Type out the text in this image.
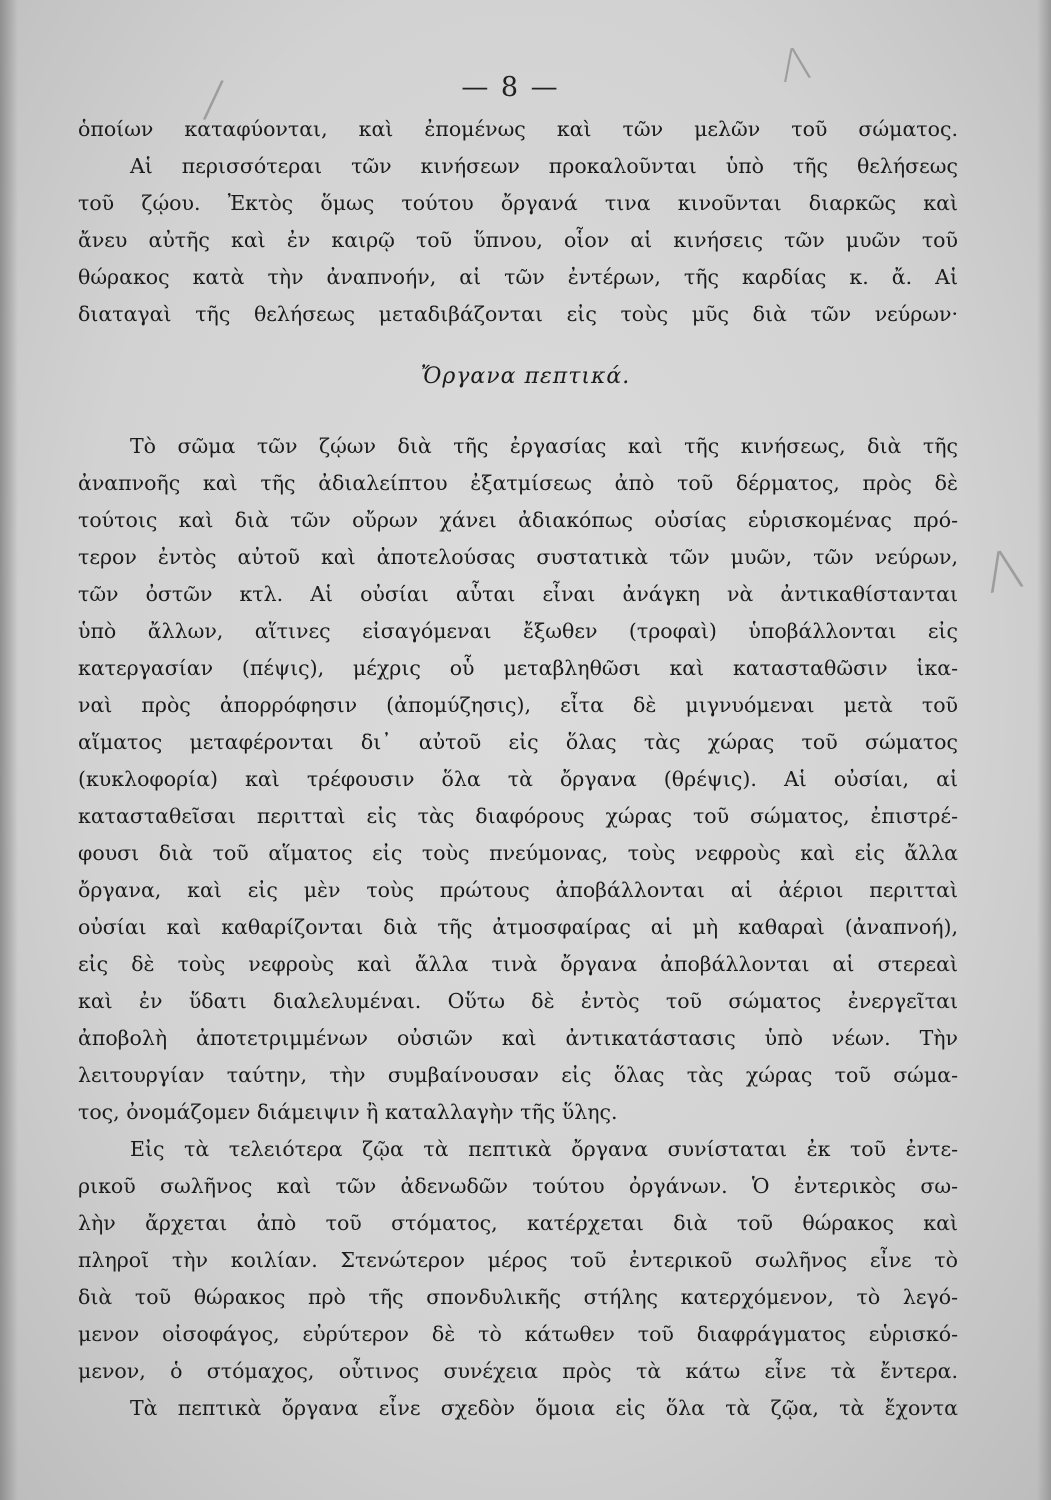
Λ
/
Λ
— 8 —
ὁποίων καταφύονται, καὶ ἐπομένως καὶ τῶν μελῶν τοῦ σώματος.
Αἱ περισσότεραι τῶν κινήσεων προκαλοῦνται ὑπὸ τῆς θελήσεως
τοῦ ζῴου. Ἐκτὸς ὅμως τούτου ὄργανά τινα κινοῦνται διαρκῶς καὶ
ἄνευ αὐτῆς καὶ ἐν καιρῷ τοῦ ὕπνου, οἷον αἱ κινήσεις τῶν μυῶν τοῦ
θώρακος κατὰ τὴν ἀναπνοήν, αἱ τῶν ἐντέρων, τῆς καρδίας κ. ἄ. Αἱ
διαταγαὶ τῆς θελήσεως μεταδιβάζονται εἰς τοὺς μῦς διὰ τῶν νεύρων·
Ὄργανα πεπτικά.
Τὸ σῶμα τῶν ζῴων διὰ τῆς ἐργασίας καὶ τῆς κινήσεως, διὰ τῆς
ἀναπνοῆς καὶ τῆς ἀδιαλείπτου ἐξατμίσεως ἀπὸ τοῦ δέρματος, πρὸς δὲ
τούτοις καὶ διὰ τῶν οὔρων χάνει ἀδιακόπως οὐσίας εὑρισκομένας πρό-
τερον ἐντὸς αὐτοῦ καὶ ἀποτελούσας συστατικὰ τῶν μυῶν, τῶν νεύρων,
τῶν ὀστῶν κτλ. Αἱ οὐσίαι αὗται εἶναι ἀνάγκη νὰ ἀντικαθίστανται
ὑπὸ ἄλλων, αἵτινες εἰσαγόμεναι ἔξωθεν (τροφαὶ) ὑποβάλλονται εἰς
κατεργασίαν (πέψις), μέχρις οὗ μεταβληθῶσι καὶ κατασταθῶσιν ἱκα-
ναὶ πρὸς ἀπορρόφησιν (ἀπομύζησις), εἶτα δὲ μιγνυόμεναι μετὰ τοῦ
αἵματος μεταφέρονται δι᾽ αὐτοῦ εἰς ὅλας τὰς χώρας τοῦ σώματος
(κυκλοφορία) καὶ τρέφουσιν ὅλα τὰ ὄργανα (θρέψις). Αἱ οὐσίαι, αἱ
κατασταθεῖσαι περιτταὶ εἰς τὰς διαφόρους χώρας τοῦ σώματος, ἐπιστρέ-
φουσι διὰ τοῦ αἵματος εἰς τοὺς πνεύμονας, τοὺς νεφροὺς καὶ εἰς ἄλλα
ὄργανα, καὶ εἰς μὲν τοὺς πρώτους ἀποβάλλονται αἱ ἀέριοι περιτταὶ
οὐσίαι καὶ καθαρίζονται διὰ τῆς ἀτμοσφαίρας αἱ μὴ καθαραὶ (ἀναπνοή),
εἰς δὲ τοὺς νεφροὺς καὶ ἄλλα τινὰ ὄργανα ἀποβάλλονται αἱ στερεαὶ
καὶ ἐν ὕδατι διαλελυμέναι. Οὕτω δὲ ἐντὸς τοῦ σώματος ἐνεργεῖται
ἀποβολὴ ἀποτετριμμένων οὐσιῶν καὶ ἀντικατάστασις ὑπὸ νέων. Τὴν
λειτουργίαν ταύτην, τὴν συμβαίνουσαν εἰς ὅλας τὰς χώρας τοῦ σώμα-
τος, ὀνομάζομεν διάμειψιν ἢ καταλλαγὴν τῆς ὕλης.
Εἰς τὰ τελειότερα ζῷα τὰ πεπτικὰ ὄργανα συνίσταται ἐκ τοῦ ἐντε-
ρικοῦ σωλῆνος καὶ τῶν ἀδενωδῶν τούτου ὀργάνων. Ὁ ἐντερικὸς σω-
λὴν ἄρχεται ἀπὸ τοῦ στόματος, κατέρχεται διὰ τοῦ θώρακος καὶ
πληροῖ τὴν κοιλίαν. Στενώτερον μέρος τοῦ ἐντερικοῦ σωλῆνος εἶνε τὸ
διὰ τοῦ θώρακος πρὸ τῆς σπονδυλικῆς στήλης κατερχόμενον, τὸ λεγό-
μενον οἰσοφάγος, εὐρύτερον δὲ τὸ κάτωθεν τοῦ διαφράγματος εὑρισκό-
μενον, ὁ στόμαχος, οὗτινος συνέχεια πρὸς τὰ κάτω εἶνε τὰ ἔντερα.
Τὰ πεπτικὰ ὄργανα εἶνε σχεδὸν ὅμοια εἰς ὅλα τὰ ζῷα, τὰ ἔχοντα
